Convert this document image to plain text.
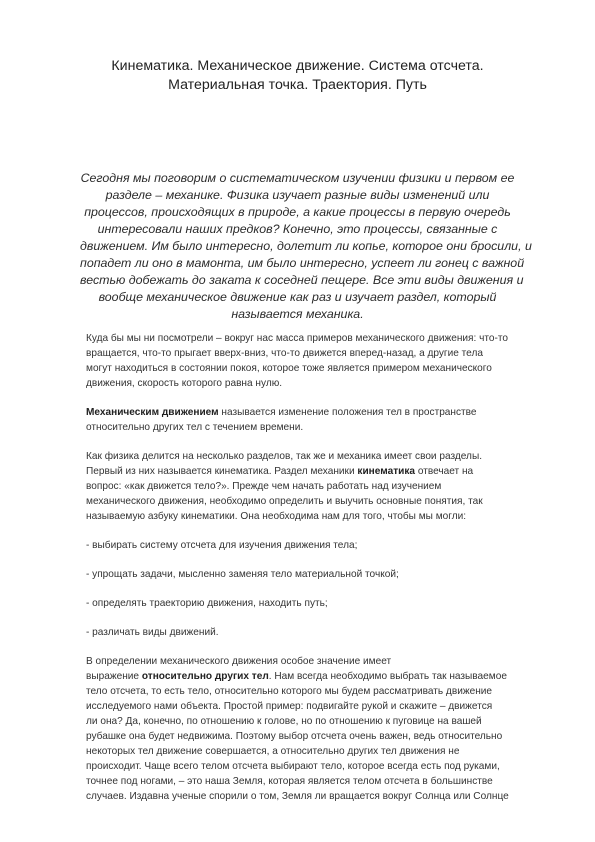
Кинематика. Механическое движение. Система отсчета.
Материальная точка. Траектория. Путь
Сегодня мы поговорим о систематическом изучении физики и первом ее
разделе – механике. Физика изучает разные виды изменений или
процессов, происходящих в природе, а какие процессы в первую очередь
интересовали наших предков? Конечно, это процессы, связанные с
движением. Им было интересно, долетит ли копье, которое они бросили, и
попадет ли оно в мамонта, им было интересно, успеет ли гонец с важной
вестью добежать до заката к соседней пещере. Все эти виды движения и
вообще механическое движение как раз и изучает раздел, который
называется механика.

Куда бы мы ни посмотрели – вокруг нас масса примеров механического движения: что-то
вращается, что-то прыгает вверх-вниз, что-то движется вперед-назад, а другие тела
могут находиться в состоянии покоя, которое тоже является примером механического
движения, скорость которого равна нулю.

Механическим движением называется изменение положения тел в пространстве
относительно других тел с течением времени.

Как физика делится на несколько разделов, так же и механика имеет свои разделы.
Первый из них называется кинематика. Раздел механики кинематика отвечает на
вопрос: «как движется тело?». Прежде чем начать работать над изучением
механического движения, необходимо определить и выучить основные понятия, так
называемую азбуку кинематики. Она необходима нам для того, чтобы мы могли:

- выбирать систему отсчета для изучения движения тела;

- упрощать задачи, мысленно заменяя тело материальной точкой;

- определять траекторию движения, находить путь;

- различать виды движений.

В определении механического движения особое значение имеет
выражение относительно других тел. Нам всегда необходимо выбрать так называемое
тело отсчета, то есть тело, относительно которого мы будем рассматривать движение
исследуемого нами объекта. Простой пример: подвигайте рукой и скажите – движется
ли она? Да, конечно, по отношению к голове, но по отношению к пуговице на вашей
рубашке она будет недвижима. Поэтому выбор отсчета очень важен, ведь относительно
некоторых тел движение совершается, а относительно других тел движения не
происходит. Чаще всего телом отсчета выбирают тело, которое всегда есть под руками,
точнее под ногами, – это наша Земля, которая является телом отсчета в большинстве
случаев. Издавна ученые спорили о том, Земля ли вращается вокруг Солнца или Солнце
